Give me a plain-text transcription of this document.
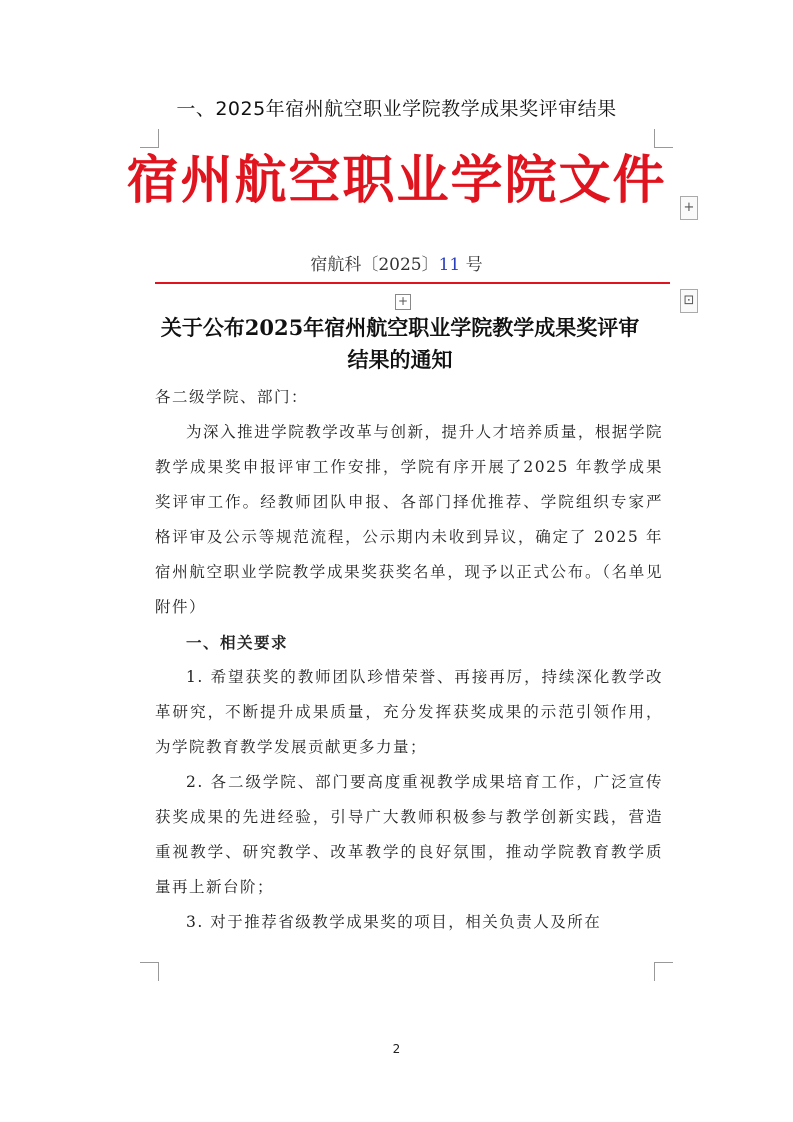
一、2025年宿州航空职业学院教学成果奖评审结果
宿州航空职业学院文件
宿航科〔2025〕11 号
+
+
⊡
关于公布2025年宿州航空职业学院教学成果奖评审
结果的通知

各二级学院、部门：

为深入推进学院教学改革与创新，提升人才培养质量，根据学院教学成果奖申报评审工作安排，学院有序开展了2025 年教学成果奖评审工作。经教师团队申报、各部门择优推荐、学院组织专家严格评审及公示等规范流程，公示期内未收到异议，确定了 2025 年宿州航空职业学院教学成果奖获奖名单，现予以正式公布。（名单见附件）

一、相关要求

1. 希望获奖的教师团队珍惜荣誉、再接再厉，持续深化教学改革研究，不断提升成果质量，充分发挥获奖成果的示范引领作用，为学院教育教学发展贡献更多力量；

2. 各二级学院、部门要高度重视教学成果培育工作，广泛宣传获奖成果的先进经验，引导广大教师积极参与教学创新实践，营造重视教学、研究教学、改革教学的良好氛围，推动学院教育教学质量再上新台阶；

3. 对于推荐省级教学成果奖的项目，相关负责人及所在

2
